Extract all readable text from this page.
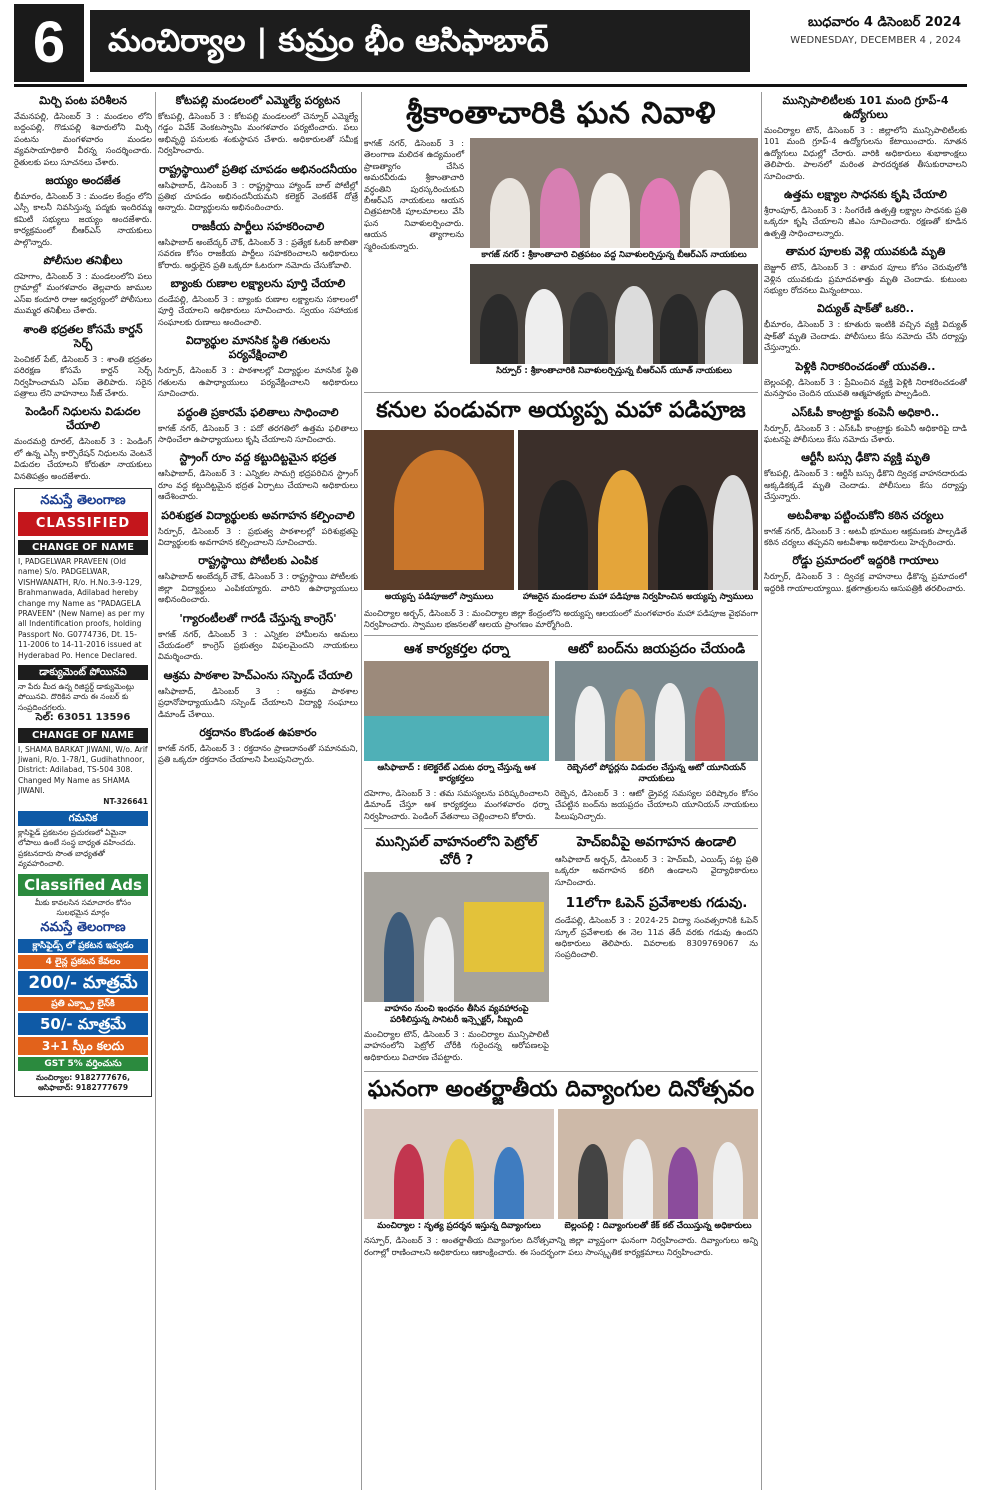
6	మంచిర్యాల | కుమ్రం భీం ఆసిఫాబాద్
బుధవారం 4 డిసెంబర్ 2024
WEDNESDAY, DECEMBER 4 , 2024
మిర్చి పంట పరిశీలన

వేమనపల్లి, డిసెంబర్ 3 : మండలం లోని బద్దంపల్లి, గొడుపల్లి శివారులోని మిర్చి పంటను మంగళవారం మండల వ్యవసాయాధికారి వీరన్న సందర్శించారు. రైతులకు పలు సూచనలు చేశారు.

జయ్యం అందజేత

భీమారం, డిసెంబర్ 3 : మండల కేంద్రం లోని ఎస్సీ కాలనీ నివసిస్తున్న పద్మకు ఇందిరమ్మ కమిటీ సభ్యులు జయ్యం అందజేశారు. కార్యక్రమంలో బీఆర్ఎస్ నాయకులు పాల్గొన్నారు.

పోలీసుల తనిఖీలు

దహెగాం, డిసెంబర్ 3 : మండలంలోని పలు గ్రామాల్లో మంగళవారం తెల్లవారు జాముల ఎస్ఐ కందూరి రాజు ఆధ్వర్యంలో పోలీసులు ముమ్మర తనిఖీలు చేశారు.

శాంతి భద్రతల కోసమే కార్డన్ సెర్చ్

పెంచికల్ పేట్, డిసెంబర్ 3 : శాంతి భద్రతల పరిరక్షణ కోసమే కార్డన్ సెర్చ్ నిర్వహించామని ఎస్ఐ తెలిపారు. సరైన పత్రాలు లేని వాహనాలు సీజ్ చేశారు.

పెండింగ్ నిధులను విడుదల చేయాలి

మందమర్రి రూరల్, డిసెంబర్ 3 : పెండింగ్ లో ఉన్న ఎస్సీ కార్పొరేషన్ నిధులను వెంటనే విడుదల చేయాలని కోరుతూ నాయకులు వినతిపత్రం అందజేశారు.

నమస్తే తెలంగాణ
CLASSIFIED
CHANGE OF NAME
I, PADGELWAR PRAVEEN (Old name) S/o. PADGELWAR, VISHWANATH, R/o. H.No.3-9-129, Brahmanwada, Adilabad hereby change my Name as "PADAGELA PRAVEEN" (New Name) as per my all Indentification proofs, holding Passport No. G0774736, Dt. 15-11-2006 to 14-11-2016 issued at Hyderabad Po. Hence Declared.
డాక్యుమెంట్ పోయినవి
నా పేరు మీద ఉన్న రిజిస్టర్డ్ డాక్యుమెంట్లు పోయినవి. దొరికిన వారు ఈ నంబర్ కు సంప్రదించగలరు.
సెల్: 63051 13596
CHANGE OF NAME
I, SHAMA BARKAT JIWANI, W/o. Arif Jiwani, R/o. 1-78/1, Gudihathnoor, District: Adilabad, TS-504 308. Changed My Name as SHAMA JIWANI.
NT-326641
గమనిక
క్లాసిఫైడ్ ప్రకటనల ప్రచురణలో ఏమైనా లోపాలు ఉంటే సంస్థ బాధ్యత వహించదు. ప్రకటనదారు సొంత బాధ్యతతో వ్యవహరించాలి.
Classified Ads
మీకు కావలసిన సమాచారం కోసం సులభమైన మార్గం
నమస్తే తెలంగాణ
క్లాసిఫైడ్స్ లో ప్రకటన ఇవ్వడం
4 లైన్ల ప్రకటన కేవలం
200/- మాత్రమే
ప్రతి ఎక్స్ట్రా లైన్‌కి
50/- మాత్రమే
3+1 స్కీం కలదు
GST 5% వర్తించును
మంచిర్యాల: 9182777676, ఆసిఫాబాద్: 9182777679
కోటపల్లి మండలంలో ఎమ్మెల్యే పర్యటన

కోటపల్లి, డిసెంబర్ 3 : కోటపల్లి మండలంలో చెన్నూర్ ఎమ్మెల్యే గడ్డం వివేక్ వెంకటస్వామి మంగళవారం పర్యటించారు. పలు అభివృద్ధి పనులకు శంకుస్థాపన చేశారు. అధికారులతో సమీక్ష నిర్వహించారు.

రాష్ట్రస్థాయిలో ప్రతిభ చూపడం అభినందనీయం

ఆసిఫాబాద్, డిసెంబర్ 3 : రాష్ట్రస్థాయి హ్యాండ్ బాల్ పోటీల్లో ప్రతిభ చూపడం అభినందనీయమని కలెక్టర్ వెంకటేశ్ దోత్రే అన్నారు. విద్యార్థులను అభినందించారు.

రాజకీయ పార్టీలు సహకరించాలి

ఆసిఫాబాద్ అంబేద్కర్ చౌక్, డిసెంబర్ 3 : ప్రత్యేక ఓటర్ జాబితా సవరణ కోసం రాజకీయ పార్టీలు సహకరించాలని అధికారులు కోరారు. అర్హులైన ప్రతి ఒక్కరూ ఓటరుగా నమోదు చేసుకోవాలి.

బ్యాంకు రుణాల లక్ష్యాలను పూర్తి చేయాలి

దండేపల్లి, డిసెంబర్ 3 : బ్యాంకు రుణాల లక్ష్యాలను సకాలంలో పూర్తి చేయాలని అధికారులు సూచించారు. స్వయం సహాయక సంఘాలకు రుణాలు అందించాలి.

విద్యార్థుల మానసిక స్థితి గతులను పర్యవేక్షించాలి

సిర్పూర్, డిసెంబర్ 3 : పాఠశాలల్లో విద్యార్థుల మానసిక స్థితి గతులను ఉపాధ్యాయులు పర్యవేక్షించాలని అధికారులు సూచించారు.

పద్ధంతి ప్రకారమే ఫలితాలు సాధించాలి

కాగజ్ నగర్, డిసెంబర్ 3 : పదో తరగతిలో ఉత్తమ ఫలితాలు సాధించేలా ఉపాధ్యాయులు కృషి చేయాలని సూచించారు.

స్ట్రాంగ్ రూం వద్ద కట్టుదిట్టమైన భద్రత

ఆసిఫాబాద్, డిసెంబర్ 3 : ఎన్నికల సామగ్రి భద్రపరిచిన స్ట్రాంగ్ రూం వద్ద కట్టుదిట్టమైన భద్రత ఏర్పాటు చేయాలని అధికారులు ఆదేశించారు.

పరిశుభ్రత విద్యార్థులకు అవగాహన కల్పించాలి

సిర్పూర్, డిసెంబర్ 3 : ప్రభుత్వ పాఠశాలల్లో పరిశుభ్రతపై విద్యార్థులకు అవగాహన కల్పించాలని సూచించారు.

రాష్ట్రస్థాయి పోటీలకు ఎంపిక

ఆసిఫాబాద్ అంబేద్కర్ చౌక్, డిసెంబర్ 3 : రాష్ట్రస్థాయి పోటీలకు జిల్లా విద్యార్థులు ఎంపికయ్యారు. వారిని ఉపాధ్యాయులు అభినందించారు.

'గ్యారంటీలతో గారడీ చేస్తున్న కాంగ్రెస్'

కాగజ్ నగర్, డిసెంబర్ 3 : ఎన్నికల హామీలను అమలు చేయడంలో కాంగ్రెస్ ప్రభుత్వం విఫలమైందని నాయకులు విమర్శించారు.

ఆశ్రమ పాఠశాల హెచ్ఎంను సస్పెండ్ చేయాలి

ఆసిఫాబాద్, డిసెంబర్ 3 : ఆశ్రమ పాఠశాల ప్రధానోపాధ్యాయుడిని సస్పెండ్ చేయాలని విద్యార్థి సంఘాలు డిమాండ్ చేశాయి.

రక్తదానం కొండంత ఉపకారం

కాగజ్ నగర్, డిసెంబర్ 3 : రక్తదానం ప్రాణదానంతో సమానమని, ప్రతి ఒక్కరూ రక్తదానం చేయాలని పిలుపునిచ్చారు.

శ్రీకాంతాచారికి ఘన నివాళి

కాగజ్ నగర్, డిసెంబర్ 3 : తెలంగాణ మలిదశ ఉద్యమంలో ప్రాణత్యాగం చేసిన అమరవీరుడు శ్రీకాంతాచారి వర్ధంతిని పురస్కరించుకుని బీఆర్ఎస్ నాయకులు ఆయన చిత్రపటానికి పూలమాలలు వేసి ఘన నివాళులర్పించారు. ఆయన త్యాగాలను స్మరించుకున్నారు.

కాగజ్ నగర్ : శ్రీకాంతాచారి చిత్రపటం వద్ద నివాళులర్పిస్తున్న బీఆర్ఎస్ నాయకులు
సిర్పూర్ : శ్రీకాంతాచారికి నివాళులర్పిస్తున్న బీఆర్ఎస్ యూత్ నాయకులు
కనుల పండువగా అయ్యప్ప మహా పడిపూజ
అయ్యప్ప పడిపూజలో స్వాములు	హాజరైన మండలాల మహా పడిపూజ నిర్వహించిన అయ్యప్ప స్వాములు

మంచిర్యాల అర్బన్, డిసెంబర్ 3 : మంచిర్యాల జిల్లా కేంద్రంలోని అయ్యప్ప ఆలయంలో మంగళవారం మహా పడిపూజ వైభవంగా నిర్వహించారు. స్వాముల భజనలతో ఆలయ ప్రాంగణం మార్మోగింది.

ఆశ కార్యకర్తల ధర్నా
ఆసిఫాబాద్ : కలెక్టరేట్ ఎదుట ధర్నా చేస్తున్న ఆశ కార్యకర్తలు

దహెగాం, డిసెంబర్ 3 : తమ సమస్యలను పరిష్కరించాలని డిమాండ్ చేస్తూ ఆశ కార్యకర్తలు మంగళవారం ధర్నా నిర్వహించారు. పెండింగ్ వేతనాలు చెల్లించాలని కోరారు.

ఆటో బంద్‌ను జయప్రదం చేయండి
రెబ్బెనలో పోస్టర్లను విడుదల చేస్తున్న ఆటో యూనియన్ నాయకులు

రెబ్బెన, డిసెంబర్ 3 : ఆటో డ్రైవర్ల సమస్యల పరిష్కారం కోసం చేపట్టిన బంద్‌ను జయప్రదం చేయాలని యూనియన్ నాయకులు పిలుపునిచ్చారు.

మున్సిపల్ వాహనంలోని పెట్రోల్ చోరీ ?
వాహనం నుంచి ఇంధనం తీసిన వ్యవహారంపై పరిశీలిస్తున్న సానిటరీ ఇన్స్పెక్టర్, సిబ్బంది

మంచిర్యాల టౌన్, డిసెంబర్ 3 : మంచిర్యాల మున్సిపాలిటీ వాహనంలోని పెట్రోల్ చోరీకి గురైందన్న ఆరోపణలపై అధికారులు విచారణ చేపట్టారు.

హెచ్ఐవీపై అవగాహన ఉండాలి

ఆసిఫాబాద్ అర్బన్, డిసెంబర్ 3 : హెచ్ఐవీ, ఎయిడ్స్ పట్ల ప్రతి ఒక్కరూ అవగాహన కలిగి ఉండాలని వైద్యాధికారులు సూచించారు.

11లోగా ఓపెన్ ప్రవేశాలకు గడువు.

దండేపల్లి, డిసెంబర్ 3 : 2024-25 విద్యా సంవత్సరానికి ఓపెన్ స్కూల్ ప్రవేశాలకు ఈ నెల 11వ తేదీ వరకు గడువు ఉందని అధికారులు తెలిపారు. వివరాలకు 8309769067 ను సంప్రదించాలి.

ఘనంగా అంతర్జాతీయ దివ్యాంగుల దినోత్సవం
మంచిర్యాల : నృత్య ప్రదర్శన ఇస్తున్న దివ్యాంగులు	బెల్లంపల్లి : దివ్యాంగులతో కేక్ కట్ చేయిస్తున్న అధికారులు

నస్పూర్, డిసెంబర్ 3 : అంతర్జాతీయ దివ్యాంగుల దినోత్సవాన్ని జిల్లా వ్యాప్తంగా ఘనంగా నిర్వహించారు. దివ్యాంగులు అన్ని రంగాల్లో రాణించాలని అధికారులు ఆకాంక్షించారు. ఈ సందర్భంగా పలు సాంస్కృతిక కార్యక్రమాలు నిర్వహించారు.

మున్సిపాలిటీలకు 101 మంది గ్రూప్-4 ఉద్యోగులు

మంచిర్యాల టౌన్, డిసెంబర్ 3 : జిల్లాలోని మున్సిపాలిటీలకు 101 మంది గ్రూప్-4 ఉద్యోగులను కేటాయించారు. నూతన ఉద్యోగులు విధుల్లో చేరారు. వారికి అధికారులు శుభాకాంక్షలు తెలిపారు. పాలనలో మరింత పారదర్శకత తీసుకురావాలని సూచించారు.

ఉత్తమ లక్ష్యాల సాధనకు కృషి చేయాలి

శ్రీరాంపూర్, డిసెంబర్ 3 : సింగరేణి ఉత్పత్తి లక్ష్యాల సాధనకు ప్రతి ఒక్కరూ కృషి చేయాలని జీఎం సూచించారు. రక్షణతో కూడిన ఉత్పత్తి సాధించాలన్నారు.

తామర పూలకు వెళ్లి యువకుడి మృతి

బెజ్జూర్ టౌన్, డిసెంబర్ 3 : తామర పూలు కోసం చెరువులోకి వెళ్లిన యువకుడు ప్రమాదవశాత్తు మృతి చెందాడు. కుటుంబ సభ్యుల రోదనలు మిన్నంటాయి.

విద్యుత్ షాక్‌తో ఒకరి..

భీమారం, డిసెంబర్ 3 : కూతురు ఇంటికి వచ్చిన వ్యక్తి విద్యుత్ షాక్‌తో మృతి చెందాడు. పోలీసులు కేసు నమోదు చేసి దర్యాప్తు చేస్తున్నారు.

పెళ్లికి నిరాకరించడంతో యువతి..

బెల్లంపల్లి, డిసెంబర్ 3 : ప్రేమించిన వ్యక్తి పెళ్లికి నిరాకరించడంతో మనస్తాపం చెందిన యువతి ఆత్మహత్యకు పాల్పడింది.

ఎస్ఓపీ కాంట్రాక్టు కంపెనీ అధికారి..

సిర్పూర్, డిసెంబర్ 3 : ఎస్ఓపీ కాంట్రాక్టు కంపెనీ అధికారిపై దాడి ఘటనపై పోలీసులు కేసు నమోదు చేశారు.

ఆర్టీసీ బస్సు ఢీకొని వ్యక్తి మృతి

కోటపల్లి, డిసెంబర్ 3 : ఆర్టీసీ బస్సు ఢీకొని ద్విచక్ర వాహనదారుడు అక్కడికక్కడే మృతి చెందాడు. పోలీసులు కేసు దర్యాప్తు చేస్తున్నారు.

అటవీశాఖ పట్టించుకోని కఠిన చర్యలు

కాగజ్ నగర్, డిసెంబర్ 3 : అటవీ భూముల ఆక్రమణకు పాల్పడితే కఠిన చర్యలు తప్పవని అటవీశాఖ అధికారులు హెచ్చరించారు.

రోడ్డు ప్రమాదంలో ఇద్దరికి గాయాలు

సిర్పూర్, డిసెంబర్ 3 : ద్విచక్ర వాహనాలు ఢీకొన్న ప్రమాదంలో ఇద్దరికి గాయాలయ్యాయి. క్షతగాత్రులను ఆసుపత్రికి తరలించారు.
